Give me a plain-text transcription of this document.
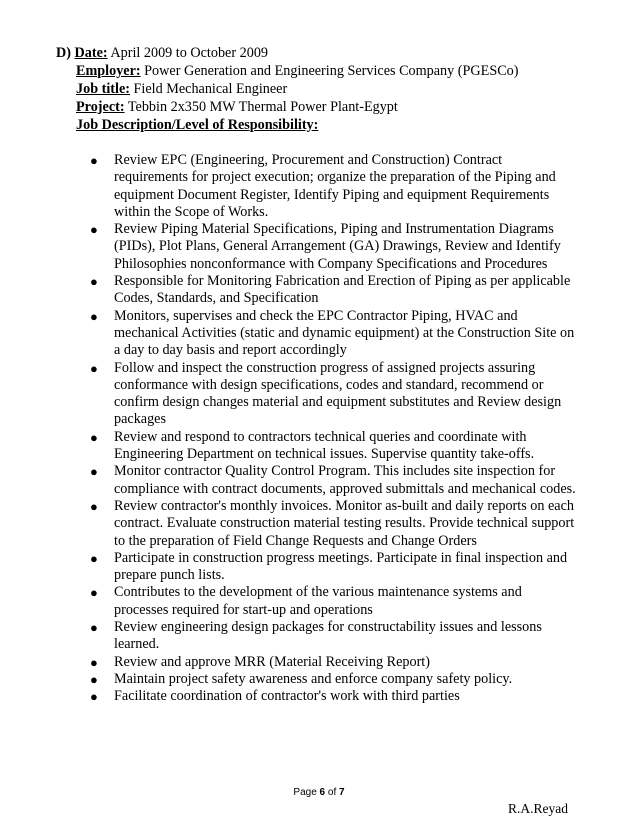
D) Date: April 2009 to October 2009
Employer: Power Generation and Engineering Services Company (PGESCo)
Job title: Field Mechanical Engineer
Project: Tebbin 2x350 MW Thermal Power Plant-Egypt
Job Description/Level of Responsibility:
● Review EPC (Engineering, Procurement and Construction) Contract requirements for project execution; organize the preparation of the Piping and equipment Document Register, Identify Piping and equipment Requirements within the Scope of Works.
● Review Piping Material Specifications, Piping and Instrumentation Diagrams (PIDs), Plot Plans, General Arrangement (GA) Drawings, Review and Identify Philosophies nonconformance with Company Specifications and Procedures
● Responsible for Monitoring Fabrication and Erection of Piping as per applicable Codes, Standards, and Specification
● Monitors, supervises and check the EPC Contractor Piping, HVAC and mechanical Activities (static and dynamic equipment) at the Construction Site on a day to day basis and report accordingly
● Follow and inspect the construction progress of assigned projects assuring conformance with design specifications, codes and standard, recommend or confirm design changes material and equipment substitutes and Review design packages
● Review and respond to contractors technical queries and coordinate with Engineering Department on technical issues. Supervise quantity take-offs.
● Monitor contractor Quality Control Program. This includes site inspection for compliance with contract documents, approved submittals and mechanical codes.
● Review contractor's monthly invoices. Monitor as-built and daily reports on each contract. Evaluate construction material testing results. Provide technical support to the preparation of Field Change Requests and Change Orders
● Participate in construction progress meetings. Participate in final inspection and prepare punch lists.
● Contributes to the development of the various maintenance systems and processes required for start-up and operations
● Review engineering design packages for constructability issues and lessons learned.
● Review and approve MRR (Material Receiving Report)
● Maintain project safety awareness and enforce company safety policy.
● Facilitate coordination of contractor's work with third parties
Page 6 of 7
R.A.Reyad
